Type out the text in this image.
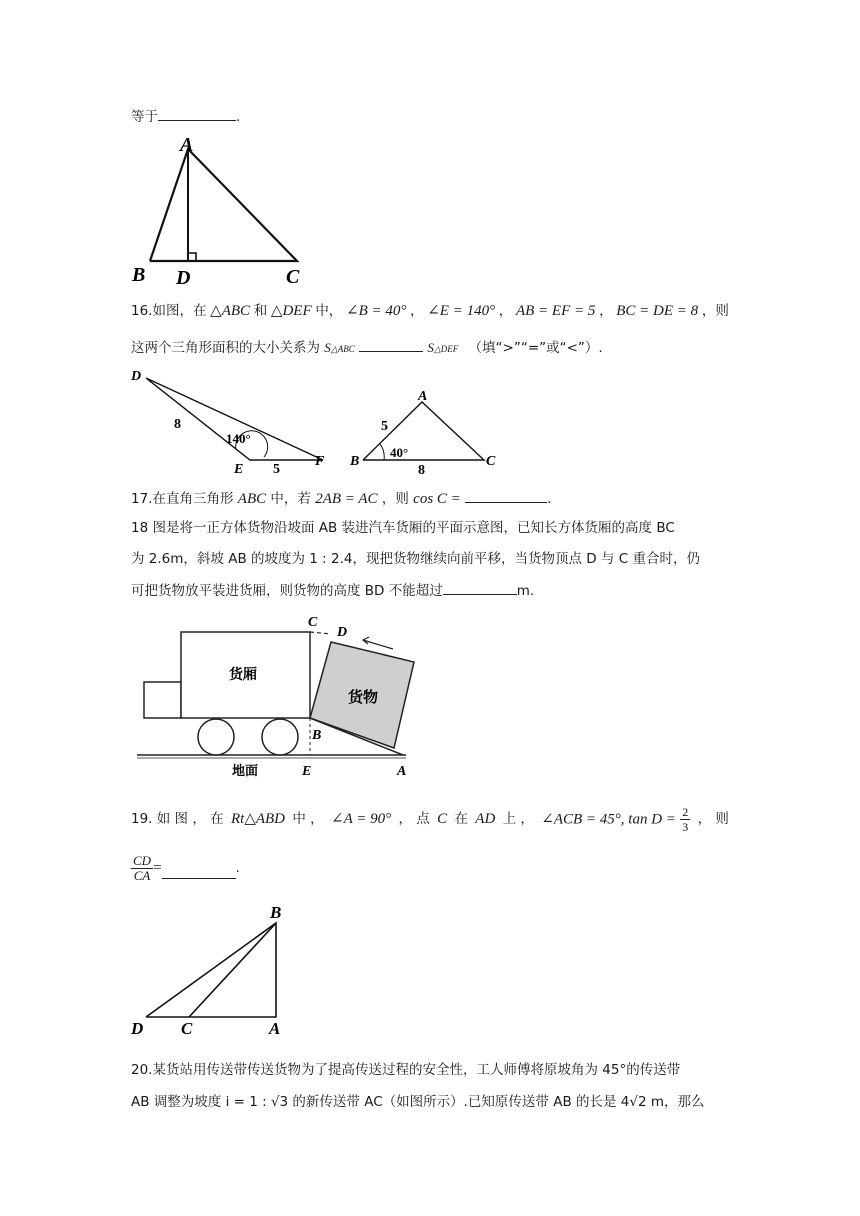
等于	.
A
B D	C
16.如图，在 △ABC 和 △DEF 中， ∠B = 40° ， ∠E = 140° ， AB = EF = 5 ， BC = DE = 8 ，则
这两个三角形面积的大小关系为 S△ABC	S△DEF （填“>”“=”或“<”）.
D
8
140°
E 5
F
A
5
40°
B
8
C
17.在直角三角形 ABC 中，若 2AB = AC ，则 cos C =	.
18 图是将一正方体货物沿坡面 AB 装进汽车货厢的平面示意图，已知长方体货厢的高度 BC
为 2.6m，斜坡 AB 的坡度为 1 : 2.4，现把货物继续向前平移，当货物顶点 D 与 C 重合时，仍
可把货物放平装进货厢，则货物的高度 BD 不能超过	m.
C
D
货厢
货物
B
地面	E	A
19. 如 图 ， 在 Rt△ABD 中 ， ∠A = 90° ， 点 C 在 AD 上 ， ∠ACB = 45°, $\tan D = \frac{2}{3}$ ， 则
$\frac{CD}{CA}$ =	.
B
D C	A
20.某货站用传送带传送货物为了提高传送过程的安全性，工人师傅将原坡角为 45°的传送带
AB 调整为坡度 i = 1 : √3 的新传送带 AC（如图所示）.已知原传送带 AB 的长是 4√2 m，那么
